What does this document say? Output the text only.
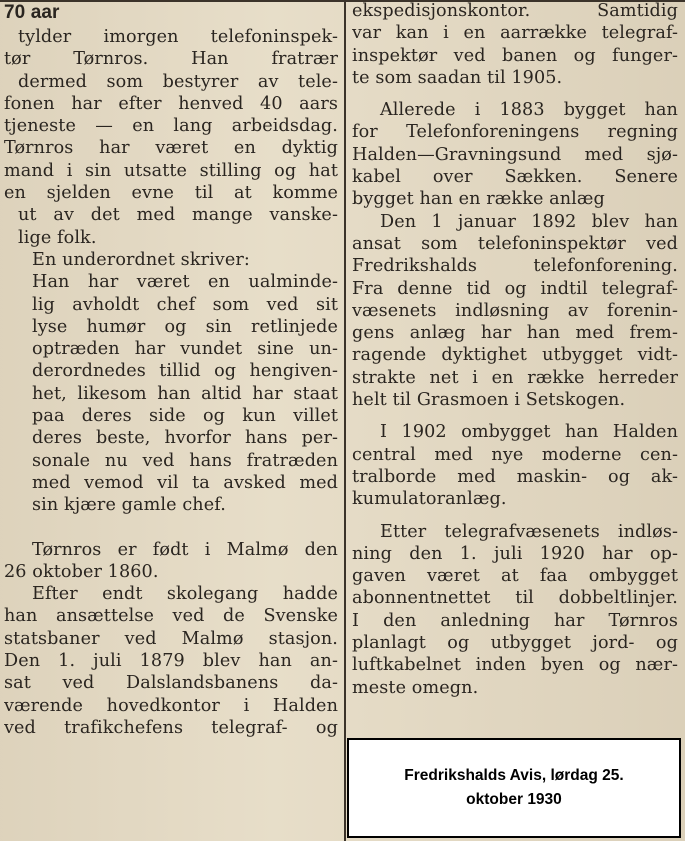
70 aar
tylder imorgen telefoninspek-
tør Tørnros. Han fratrær
dermed som bestyrer av tele-
fonen har efter henved 40 aars
tjeneste — en lang arbeidsdag.
Tørnros har været en dyktig
mand i sin utsatte stilling og hat
en sjelden evne til at komme
ut av det med mange vanske-
lige folk.
En underordnet skriver:
Han har været en ualminde-
lig avholdt chef som ved sit
lyse humør og sin retlinjede
optræden har vundet sine un-
derordnedes tillid og hengiven-
het, likesom han altid har staat
paa deres side og kun villet
deres beste, hvorfor hans per-
sonale nu ved hans fratræden
med vemod vil ta avsked med
sin kjære gamle chef.
Tørnros er født i Malmø den
26 oktober 1860.
Efter endt skolegang hadde
han ansættelse ved de Svenske
statsbaner ved Malmø stasjon.
Den 1. juli 1879 blev han an-
sat ved Dalslandsbanens da-
værende hovedkontor i Halden
ved trafikchefens telegraf- og
ekspedisjonskontor. Samtidig
var kan i en aarrække telegraf-
inspektør ved banen og funger-
te som saadan til 1905.
Allerede i 1883 bygget han
for Telefonforeningens regning
Halden—Gravningsund med sjø-
kabel over Sækken. Senere
bygget han en række anlæg
Den 1 januar 1892 blev han
ansat som telefoninspektør ved
Fredrikshalds telefonforening.
Fra denne tid og indtil telegraf-
væsenets indløsning av forenin-
gens anlæg har han med frem-
ragende dyktighet utbygget vidt-
strakte net i en række herreder
helt til Grasmoen i Setskogen.
I 1902 ombygget han Halden
central med nye moderne cen-
tralborde med maskin- og ak-
kumulatoranlæg.
Etter telegrafvæsenets indløs-
ning den 1. juli 1920 har op-
gaven været at faa ombygget
abonnentnettet til dobbeltlinjer.
I den anledning har Tørnros
planlagt og utbygget jord- og
luftkabelnet inden byen og nær-
meste omegn.
Fredrikshalds Avis, lørdag 25.
oktober 1930
